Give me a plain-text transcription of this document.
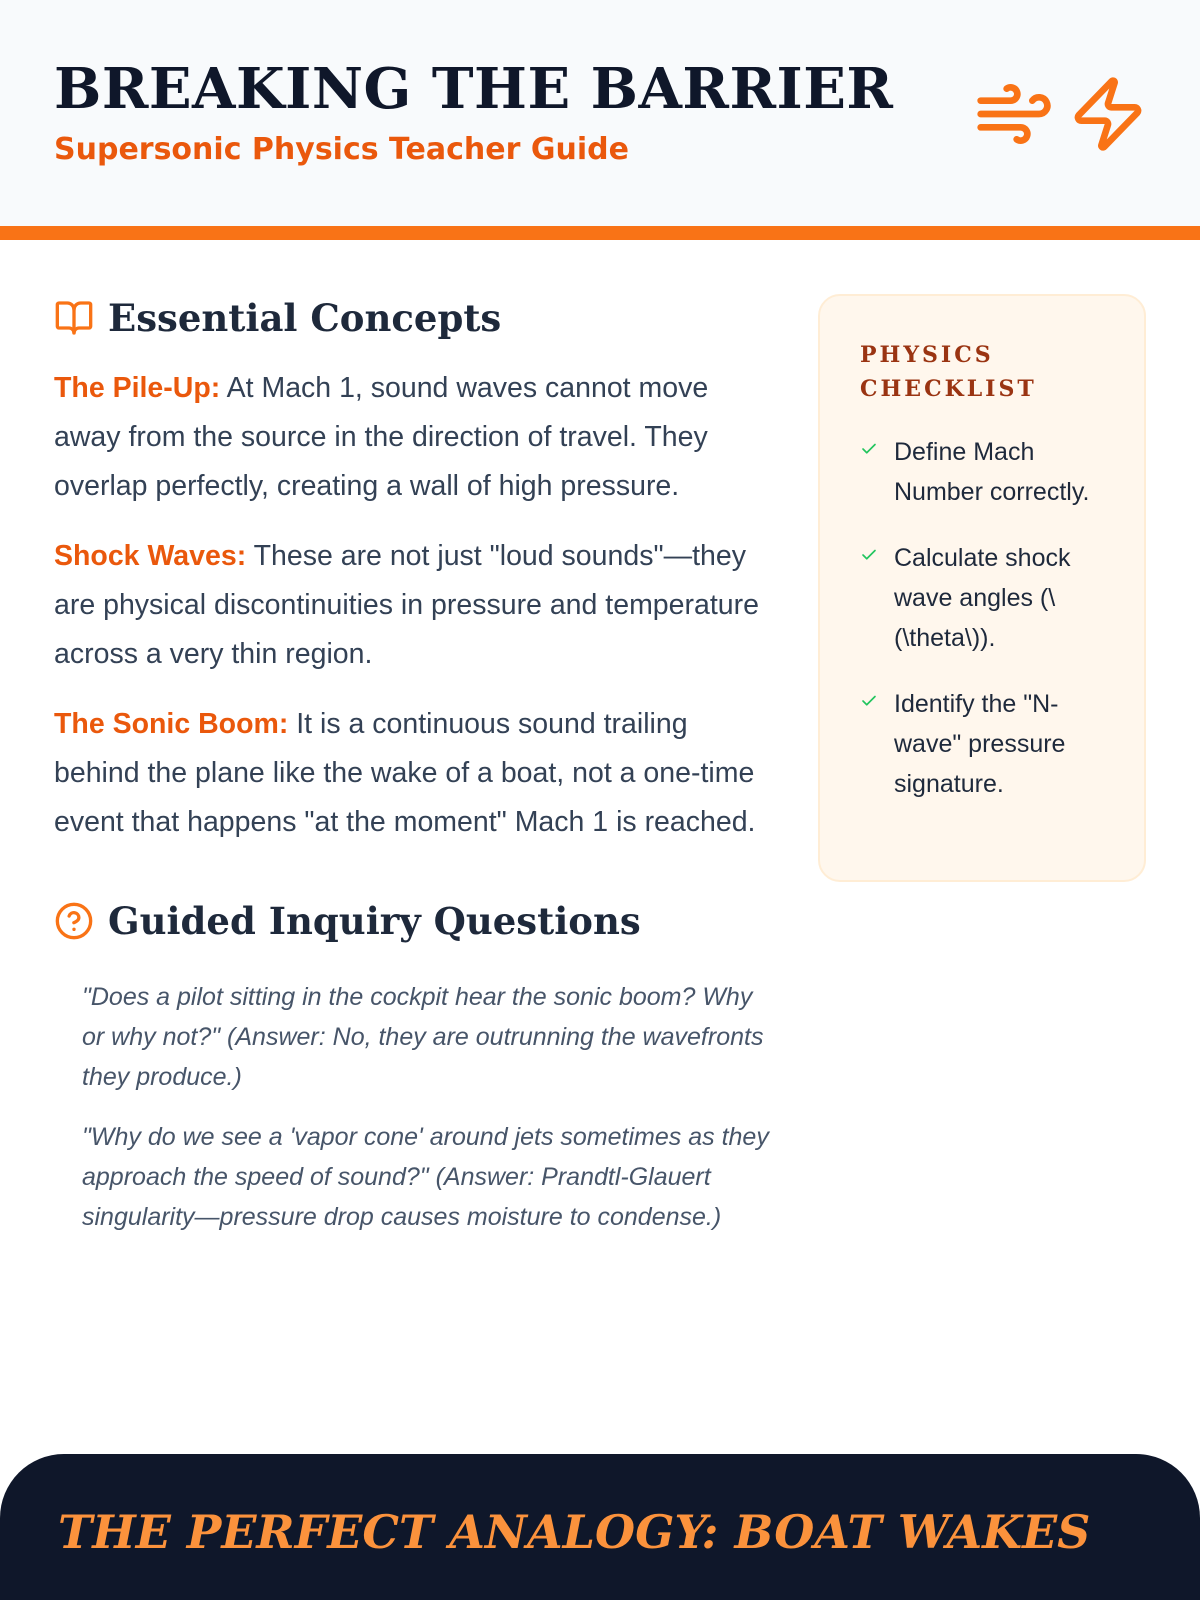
BREAKING THE BARRIER
Supersonic Physics Teacher Guide
Essential Concepts

The Pile-Up: At Mach 1, sound waves cannot move away from the source in the direction of travel. They overlap perfectly, creating a wall of high pressure.

Shock Waves: These are not just "loud sounds"—they are physical discontinuities in pressure and temperature across a very thin region.

The Sonic Boom: It is a continuous sound trailing behind the plane like the wake of a boat, not a one-time event that happens "at the moment" Mach 1 is reached.

Guided Inquiry Questions

"Does a pilot sitting in the cockpit hear the sonic boom? Why or why not?" (Answer: No, they are outrunning the wavefronts they produce.)

"Why do we see a 'vapor cone' around jets sometimes as they approach the speed of sound?" (Answer: Prandtl-Glauert singularity—pressure drop causes moisture to condense.)

PHYSICS CHECKLIST
Define Mach Number correctly.
Calculate shock wave angles (\(\theta\)).
Identify the "N-wave" pressure signature.
THE PERFECT ANALOGY: BOAT WAKES
